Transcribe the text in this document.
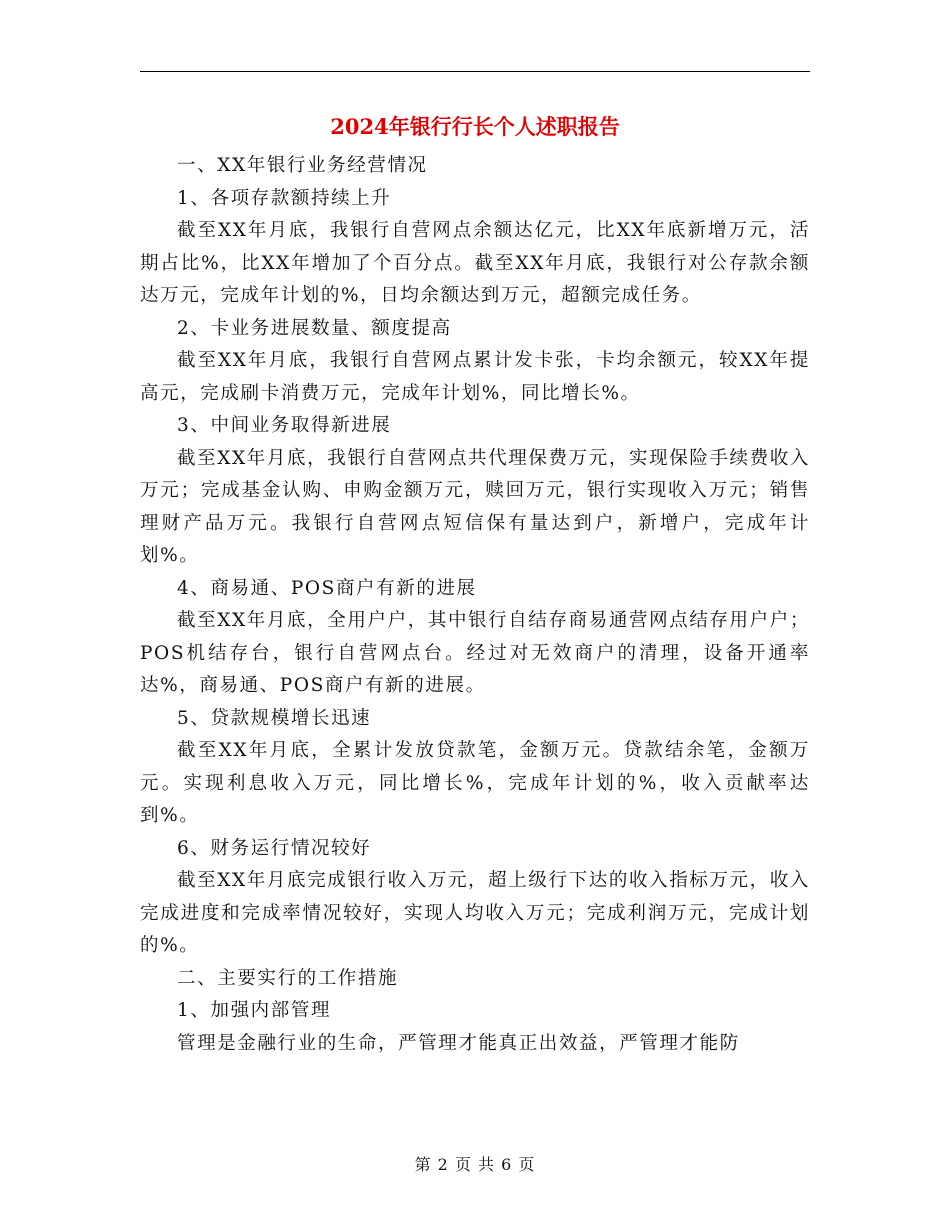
2024年银行行长个人述职报告

一、XX年银行业务经营情况

1、各项存款额持续上升

截至XX年月底，我银行自营网点余额达亿元，比XX年底新增万元，活期占比%，比XX年增加了个百分点。截至XX年月底，我银行对公存款余额达万元，完成年计划的%，日均余额达到万元，超额完成任务。

2、卡业务进展数量、额度提高

截至XX年月底，我银行自营网点累计发卡张，卡均余额元，较XX年提高元，完成刷卡消费万元，完成年计划%，同比增长%。

3、中间业务取得新进展

截至XX年月底，我银行自营网点共代理保费万元，实现保险手续费收入万元；完成基金认购、申购金额万元，赎回万元，银行实现收入万元；销售理财产品万元。我银行自营网点短信保有量达到户，新增户，完成年计划%。

4、商易通、POS商户有新的进展

截至XX年月底，全用户户，其中银行自结存商易通营网点结存用户户；POS机结存台，银行自营网点台。经过对无效商户的清理，设备开通率达%，商易通、POS商户有新的进展。

5、贷款规模增长迅速

截至XX年月底，全累计发放贷款笔，金额万元。贷款结余笔，金额万元。实现利息收入万元，同比增长%，完成年计划的%，收入贡献率达到%。

6、财务运行情况较好

截至XX年月底完成银行收入万元，超上级行下达的收入指标万元，收入完成进度和完成率情况较好，实现人均收入万元；完成利润万元，完成计划的%。

二、主要实行的工作措施

1、加强内部管理

管理是金融行业的生命，严管理才能真正出效益，严管理才能防

第 2 页 共 6 页
